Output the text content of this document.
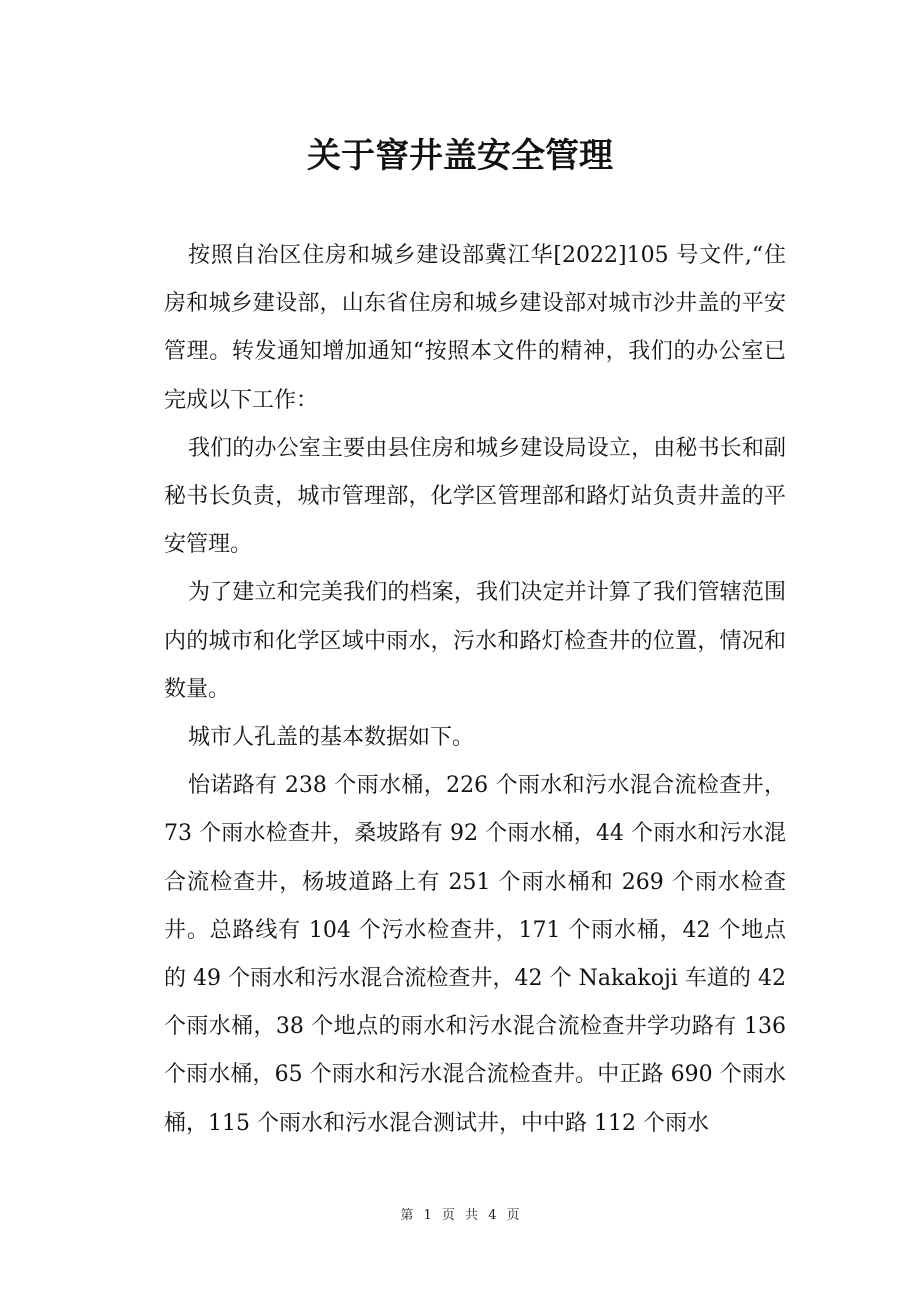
关于窨井盖安全管理

按照自治区住房和城乡建设部冀江华[2022]105 号文件,“住房和城乡建设部，山东省住房和城乡建设部对城市沙井盖的平安管理。转发通知增加通知“按照本文件的精神，我们的办公室已完成以下工作：

我们的办公室主要由县住房和城乡建设局设立，由秘书长和副秘书长负责，城市管理部，化学区管理部和路灯站负责井盖的平安管理。

为了建立和完美我们的档案，我们决定并计算了我们管辖范围内的城市和化学区域中雨水，污水和路灯检查井的位置，情况和数量。

城市人孔盖的基本数据如下。

怡诺路有 238 个雨水桶，226 个雨水和污水混合流检查井，73 个雨水检查井，桑坡路有 92 个雨水桶，44 个雨水和污水混合流检查井，杨坡道路上有 251 个雨水桶和 269 个雨水检查井。总路线有 104 个污水检查井，171 个雨水桶，42 个地点的 49 个雨水和污水混合流检查井，42 个 Nakakoji 车道的 42 个雨水桶，38 个地点的雨水和污水混合流检查井学功路有 136 个雨水桶，65 个雨水和污水混合流检查井。中正路 690 个雨水桶，115 个雨水和污水混合测试井，中中路 112 个雨水

第 1 页 共 4 页
